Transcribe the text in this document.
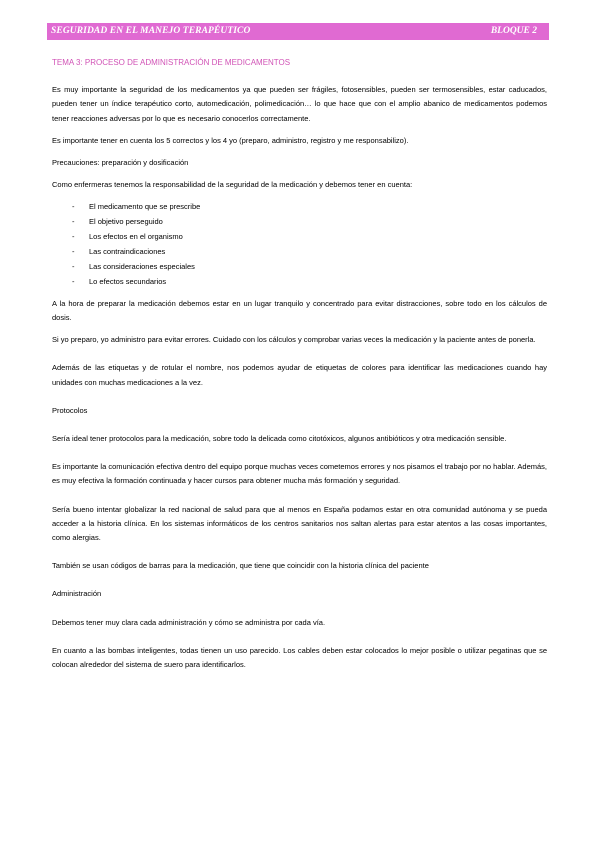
SEGURIDAD EN EL MANEJO TERAPÉUTICO	BLOQUE 2

TEMA 3: PROCESO DE ADMINISTRACIÓN DE MEDICAMENTOS

Es muy importante la seguridad de los medicamentos ya que pueden ser frágiles, fotosensibles, pueden ser termosensibles, estar caducados, pueden tener un índice terapéutico corto, automedicación, polimedicación… lo que hace que con el amplio abanico de medicamentos podemos tener reacciones adversas por lo que es necesario conocerlos correctamente.

Es importante tener en cuenta los 5 correctos y los 4 yo (preparo, administro, registro y me responsabilizo).

Precauciones: preparación y dosificación

Como enfermeras tenemos la responsabilidad de la seguridad de la medicación y debemos tener en cuenta:

- El medicamento que se prescribe
- El objetivo perseguido
- Los efectos en el organismo
- Las contraindicaciones
- Las consideraciones especiales
- Lo efectos secundarios

A la hora de preparar la medicación debemos estar en un lugar tranquilo y concentrado para evitar distracciones, sobre todo en los cálculos de dosis.

Si yo preparo, yo administro para evitar errores. Cuidado con los cálculos y comprobar varias veces la medicación y la paciente antes de ponerla.

Además de las etiquetas y de rotular el nombre, nos podemos ayudar de etiquetas de colores para identificar las medicaciones cuando hay unidades con muchas medicaciones a la vez.

Protocolos

Sería ideal tener protocolos para la medicación, sobre todo la delicada como citotóxicos, algunos antibióticos y otra medicación sensible.

Es importante la comunicación efectiva dentro del equipo porque muchas veces cometemos errores y nos pisamos el trabajo por no hablar. Además, es muy efectiva la formación continuada y hacer cursos para obtener mucha más formación y seguridad.

Sería bueno intentar globalizar la red nacional de salud para que al menos en España podamos estar en otra comunidad autónoma y se pueda acceder a la historia clínica. En los sistemas informáticos de los centros sanitarios nos saltan alertas para estar atentos a las cosas importantes, como alergias.

También se usan códigos de barras para la medicación, que tiene que coincidir con la historia clínica del paciente

Administración

Debemos tener muy clara cada administración y cómo se administra por cada vía.

En cuanto a las bombas inteligentes, todas tienen un uso parecido. Los cables deben estar colocados lo mejor posible o utilizar pegatinas que se colocan alrededor del sistema de suero para identificarlos.
